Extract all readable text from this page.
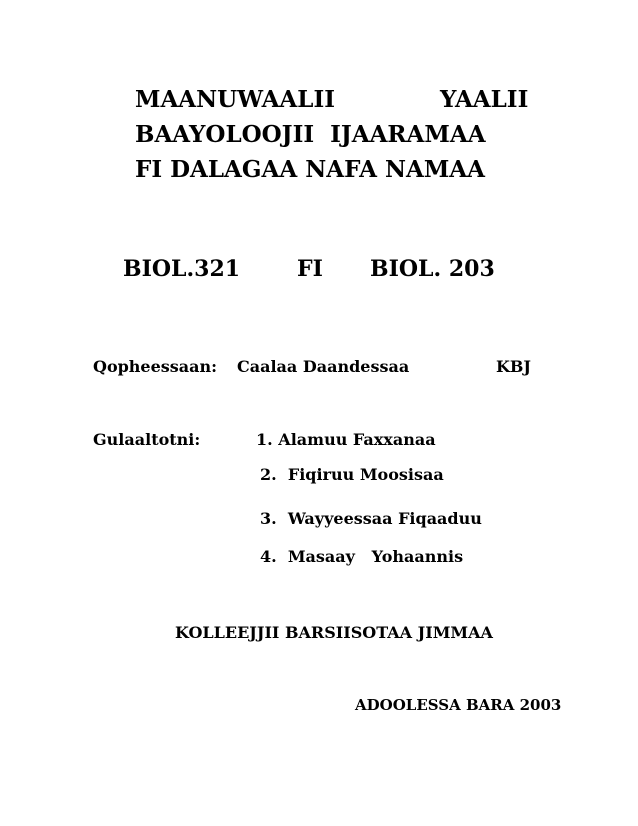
MAANUWAALII	YAALII
BAAYOLOOJII  IJAARAMAA
FI DALAGAA NAFA NAMAA
BIOL.321	FI BIOL. 203
Qopheessaan: Caalaa Daandessaa	KBJ
Gulaaltotni:	1. Alamuu Faxxanaa
2.  Fiqiruu Moosisaa
3.  Wayyeessaa Fiqaaduu
4.  Masaay   Yohaannis
KOLLEEJJII BARSIISOTAA JIMMAA
ADOOLESSA BARA 2003
